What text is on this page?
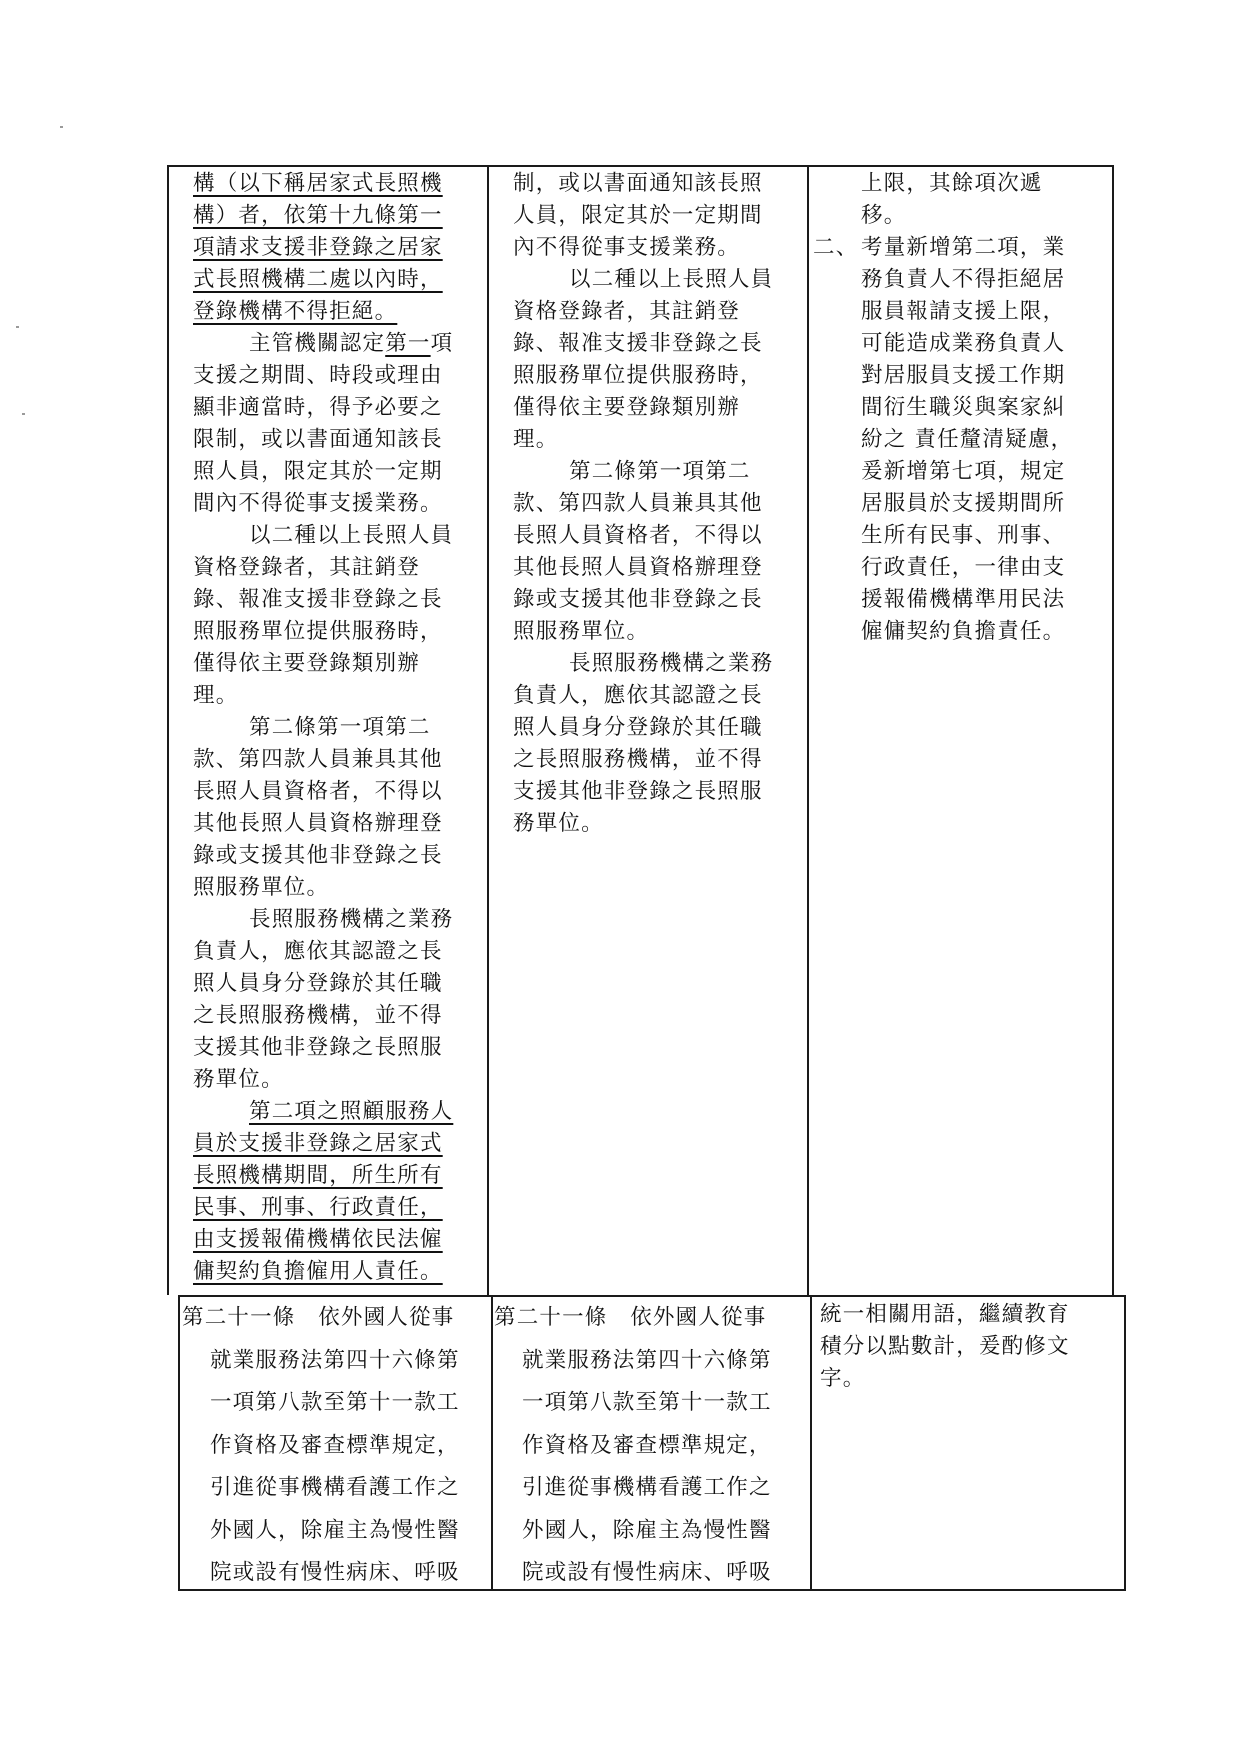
構（以下稱居家式長照機
構）者，依第十九條第一
項請求支援非登錄之居家
式長照機構二處以內時，
登錄機構不得拒絕。
主管機關認定第一項
支援之期間、時段或理由
顯非適當時，得予必要之
限制，或以書面通知該長
照人員，限定其於一定期
間內不得從事支援業務。
以二種以上長照人員
資格登錄者，其註銷登
錄、報准支援非登錄之長
照服務單位提供服務時，
僅得依主要登錄類別辦
理。
第二條第一項第二
款、第四款人員兼具其他
長照人員資格者，不得以
其他長照人員資格辦理登
錄或支援其他非登錄之長
照服務單位。
長照服務機構之業務
負責人，應依其認證之長
照人員身分登錄於其任職
之長照服務機構，並不得
支援其他非登錄之長照服
務單位。
第二項之照顧服務人
員於支援非登錄之居家式
長照機構期間，所生所有
民事、刑事、行政責任，
由支援報備機構依民法僱
傭契約負擔僱用人責任。
制，或以書面通知該長照
人員，限定其於一定期間
內不得從事支援業務。
以二種以上長照人員
資格登錄者，其註銷登
錄、報准支援非登錄之長
照服務單位提供服務時，
僅得依主要登錄類別辦
理。
第二條第一項第二
款、第四款人員兼具其他
長照人員資格者，不得以
其他長照人員資格辦理登
錄或支援其他非登錄之長
照服務單位。
長照服務機構之業務
負責人，應依其認證之長
照人員身分登錄於其任職
之長照服務機構，並不得
支援其他非登錄之長照服
務單位。
上限，其餘項次遞
移。
二、 考量新增第二項，業
務負責人不得拒絕居
服員報請支援上限，
可能造成業務負責人
對居服員支援工作期
間衍生職災與案家糾
紛之 責任釐清疑慮，
爰新增第七項，規定
居服員於支援期間所
生所有民事、刑事、
行政責任，一律由支
援報備機構準用民法
僱傭契約負擔責任。
第二十一條　依外國人從事
就業服務法第四十六條第
一項第八款至第十一款工
作資格及審查標準規定，
引進從事機構看護工作之
外國人，除雇主為慢性醫
院或設有慢性病床、呼吸
第二十一條　依外國人從事
就業服務法第四十六條第
一項第八款至第十一款工
作資格及審查標準規定，
引進從事機構看護工作之
外國人，除雇主為慢性醫
院或設有慢性病床、呼吸
統一相關用語，繼續教育
積分以點數計，爰酌修文
字。
